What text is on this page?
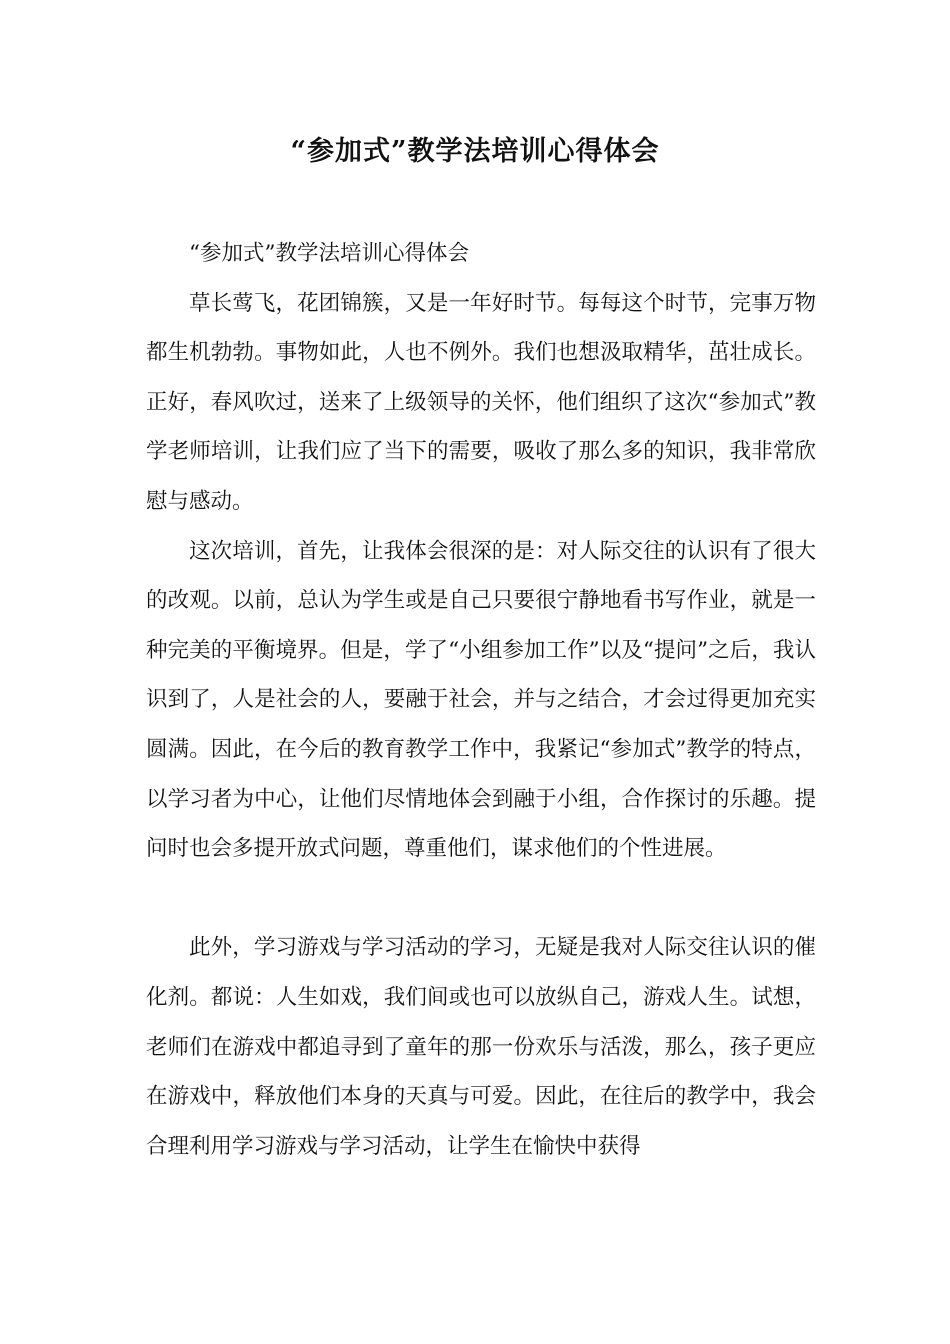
“参加式”教学法培训心得体会

“参加式”教学法培训心得体会

草长莺飞，花团锦簇，又是一年好时节。每每这个时节，完事万物都生机勃勃。事物如此，人也不例外。我们也想汲取精华，茁壮成长。正好，春风吹过，送来了上级领导的关怀，他们组织了这次“参加式”教学老师培训，让我们应了当下的需要，吸收了那么多的知识，我非常欣慰与感动。

这次培训，首先，让我体会很深的是：对人际交往的认识有了很大的改观。以前，总认为学生或是自己只要很宁静地看书写作业，就是一种完美的平衡境界。但是，学了“小组参加工作”以及“提问”之后，我认识到了，人是社会的人，要融于社会，并与之结合，才会过得更加充实圆满。因此，在今后的教育教学工作中，我紧记“参加式”教学的特点，以学习者为中心，让他们尽情地体会到融于小组，合作探讨的乐趣。提问时也会多提开放式问题，尊重他们，谋求他们的个性进展。

此外，学习游戏与学习活动的学习，无疑是我对人际交往认识的催化剂。都说：人生如戏，我们间或也可以放纵自己，游戏人生。试想，老师们在游戏中都追寻到了童年的那一份欢乐与活泼，那么，孩子更应在游戏中，释放他们本身的天真与可爱。因此，在往后的教学中，我会合理利用学习游戏与学习活动，让学生在愉快中获得
